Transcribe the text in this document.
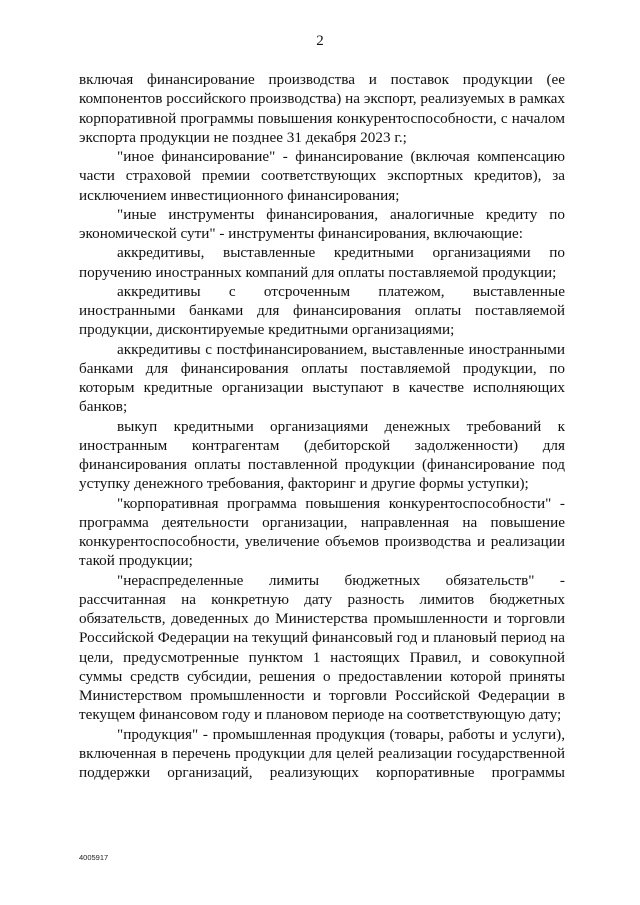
2

включая финансирование производства и поставок продукции (ее компонентов российского производства) на экспорт, реализуемых в рамках корпоративной программы повышения конкурентоспособности, с началом экспорта продукции не позднее 31 декабря 2023 г.;

"иное финансирование" - финансирование (включая компенсацию части страховой премии соответствующих экспортных кредитов), за исключением инвестиционного финансирования;

"иные инструменты финансирования, аналогичные кредиту по экономической сути" - инструменты финансирования, включающие:

аккредитивы, выставленные кредитными организациями по поручению иностранных компаний для оплаты поставляемой продукции;

аккредитивы с отсроченным платежом, выставленные иностранными банками для финансирования оплаты поставляемой продукции, дисконтируемые кредитными организациями;

аккредитивы с постфинансированием, выставленные иностранными банками для финансирования оплаты поставляемой продукции, по которым кредитные организации выступают в качестве исполняющих банков;

выкуп кредитными организациями денежных требований к иностранным контрагентам (дебиторской задолженности) для финансирования оплаты поставленной продукции (финансирование под уступку денежного требования, факторинг и другие формы уступки);

"корпоративная программа повышения конкурентоспособности" - программа деятельности организации, направленная на повышение конкурентоспособности, увеличение объемов производства и реализации такой продукции;

"нераспределенные лимиты бюджетных обязательств" - рассчитанная на конкретную дату разность лимитов бюджетных обязательств, доведенных до Министерства промышленности и торговли Российской Федерации на текущий финансовый год и плановый период на цели, предусмотренные пунктом 1 настоящих Правил, и совокупной суммы средств субсидии, решения о предоставлении которой приняты Министерством промышленности и торговли Российской Федерации в текущем финансовом году и плановом периоде на соответствующую дату;

"продукция" - промышленная продукция (товары, работы и услуги), включенная в перечень продукции для целей реализации государственной поддержки организаций, реализующих корпоративные программы

4005917
